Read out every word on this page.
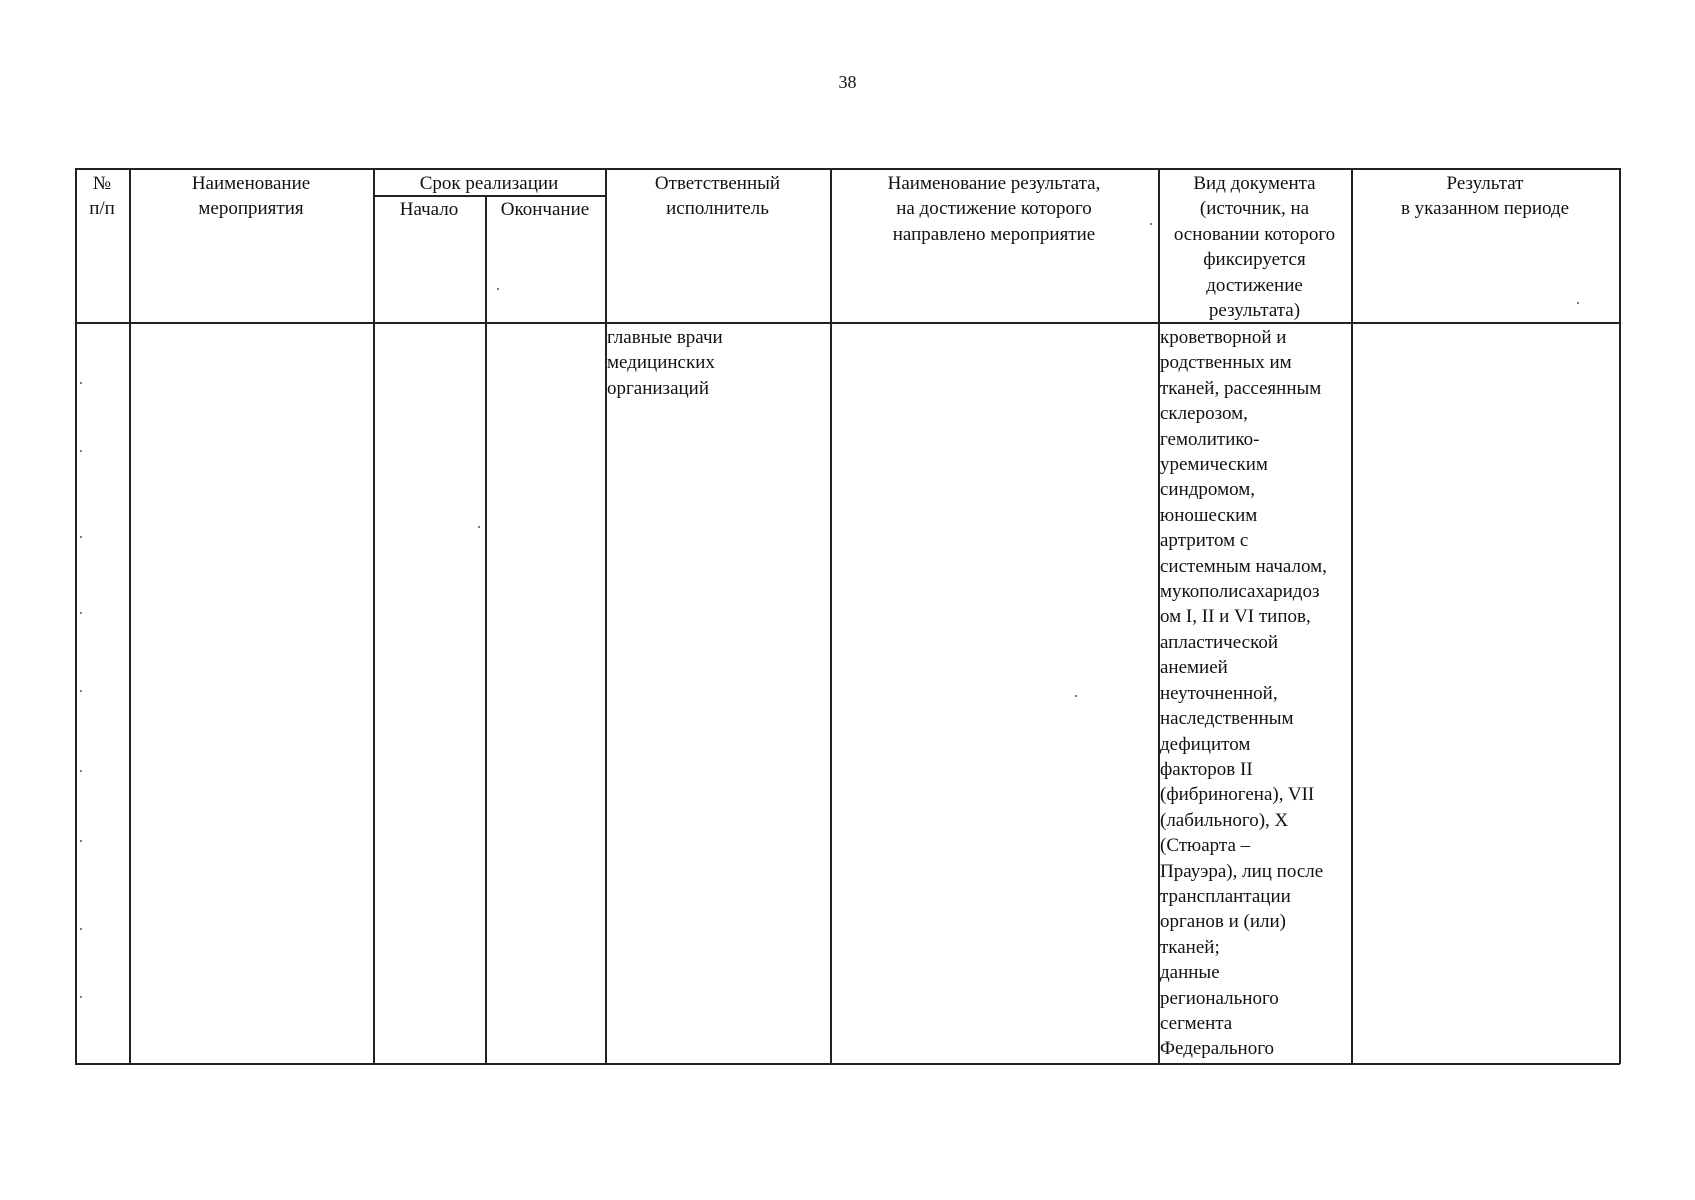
38
№
п/п
Наименование
мероприятия
Срок реализации
Начало	Окончание
Ответственный
исполнитель
Наименование результата,
на достижение которого
направлено мероприятие
Вид документа
(источник, на
основании которого
фиксируется
достижение
результата)
Результат
в указанном периоде
главные врачи
медицинских
организаций
кроветворной и
родственных им
тканей, рассеянным
склерозом,
гемолитико-
уремическим
синдромом,
юношеским
артритом с
системным началом,
мукополисахаридоз
ом I, II и VI типов,
апластической
анемией
неуточненной,
наследственным
дефицитом
факторов II
(фибриногена), VII
(лабильного), X
(Стюарта –
Прауэра), лиц после
трансплантации
органов и (или)
тканей;
данные
регионального
сегмента
Федерального
